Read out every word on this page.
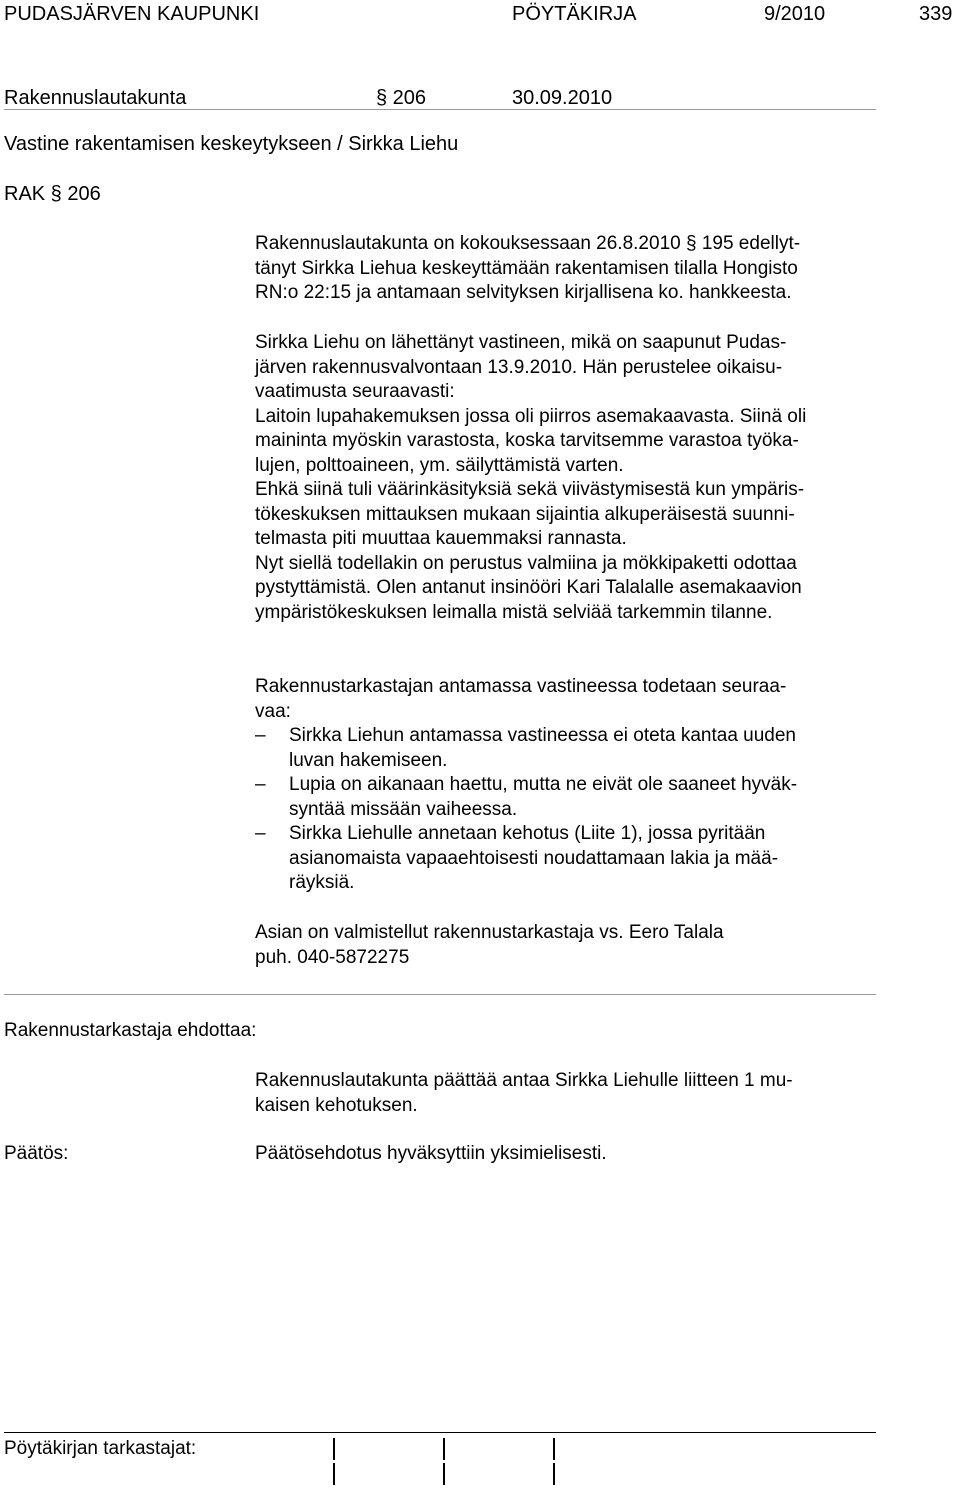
PUDASJÄRVEN KAUPUNKI	PÖYTÄKIRJA	9/2010	339
Rakennuslautakunta	§ 206	30.09.2010
Vastine rakentamisen keskeytykseen / Sirkka Liehu
RAK § 206
Rakennuslautakunta on kokouksessaan 26.8.2010 § 195 edellyt-
tänyt Sirkka Liehua keskeyttämään rakentamisen tilalla Hongisto
RN:o 22:15 ja antamaan selvityksen kirjallisena ko. hankkeesta.
Sirkka Liehu on lähettänyt vastineen, mikä on saapunut Pudas-
järven rakennusvalvontaan 13.9.2010. Hän perustelee oikaisu-
vaatimusta seuraavasti:
Laitoin lupahakemuksen jossa oli piirros asemakaavasta. Siinä oli
maininta myöskin varastosta, koska tarvitsemme varastoa työka-
lujen, polttoaineen, ym. säilyttämistä varten.
Ehkä siinä tuli väärinkäsityksiä sekä viivästymisestä kun ympäris-
tökeskuksen mittauksen mukaan sijaintia alkuperäisestä suunni-
telmasta piti muuttaa kauemmaksi rannasta.
Nyt siellä todellakin on perustus valmiina ja mökkipaketti odottaa
pystyttämistä. Olen antanut insinööri Kari Talalalle asemakaavion
ympäristökeskuksen leimalla mistä selviää tarkemmin tilanne.
Rakennustarkastajan antamassa vastineessa todetaan seuraa-
vaa:
–	Sirkka Liehun antamassa vastineessa ei oteta kantaa uuden
luvan hakemiseen.
–	Lupia on aikanaan haettu, mutta ne eivät ole saaneet hyväk-
syntää missään vaiheessa.
–	Sirkka Liehulle annetaan kehotus (Liite 1), jossa pyritään
asianomaista vapaaehtoisesti noudattamaan lakia ja mää-
räyksiä.
Asian on valmistellut rakennustarkastaja vs. Eero Talala
puh. 040-5872275
Rakennustarkastaja ehdottaa:
Rakennuslautakunta päättää antaa Sirkka Liehulle liitteen 1 mu-
kaisen kehotuksen.
Päätös:	Päätösehdotus hyväksyttiin yksimielisesti.
Pöytäkirjan tarkastajat:
